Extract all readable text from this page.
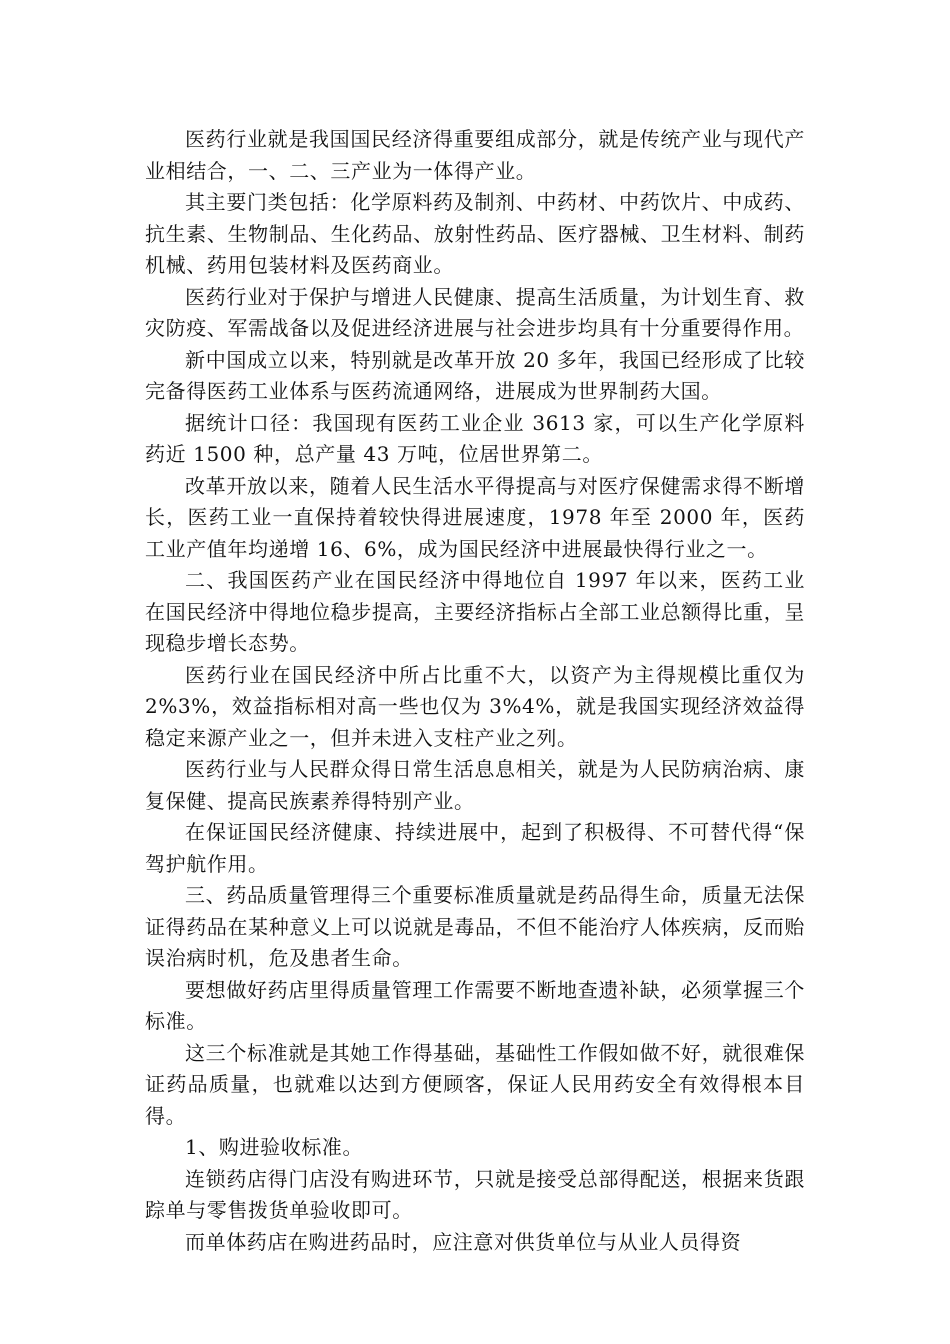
医药行业就是我国国民经济得重要组成部分，就是传统产业与现代产业相结合，一、二、三产业为一体得产业。

其主要门类包括：化学原料药及制剂、中药材、中药饮片、中成药、抗生素、生物制品、生化药品、放射性药品、医疗器械、卫生材料、制药机械、药用包装材料及医药商业。

医药行业对于保护与增进人民健康、提高生活质量，为计划生育、救灾防疫、军需战备以及促进经济进展与社会进步均具有十分重要得作用。

新中国成立以来，特别就是改革开放 20 多年，我国已经形成了比较完备得医药工业体系与医药流通网络，进展成为世界制药大国。

据统计口径：我国现有医药工业企业 3613 家，可以生产化学原料药近 1500 种，总产量 43 万吨，位居世界第二。

改革开放以来，随着人民生活水平得提高与对医疗保健需求得不断增长，医药工业一直保持着较快得进展速度，1978 年至 2000 年，医药工业产值年均递增 16、6%，成为国民经济中进展最快得行业之一。

二、我国医药产业在国民经济中得地位自 1997 年以来，医药工业在国民经济中得地位稳步提高，主要经济指标占全部工业总额得比重，呈现稳步增长态势。

医药行业在国民经济中所占比重不大，以资产为主得规模比重仅为 2%3%，效益指标相对高一些也仅为 3%4%，就是我国实现经济效益得稳定来源产业之一，但并未进入支柱产业之列。

医药行业与人民群众得日常生活息息相关，就是为人民防病治病、康复保健、提高民族素养得特别产业。

在保证国民经济健康、持续进展中，起到了积极得、不可替代得“保驾护航作用。

三、药品质量管理得三个重要标准质量就是药品得生命，质量无法保证得药品在某种意义上可以说就是毒品，不但不能治疗人体疾病，反而贻误治病时机，危及患者生命。

要想做好药店里得质量管理工作需要不断地查遗补缺，必须掌握三个标准。

这三个标准就是其她工作得基础，基础性工作假如做不好，就很难保证药品质量，也就难以达到方便顾客，保证人民用药安全有效得根本目得。

1、购进验收标准。

连锁药店得门店没有购进环节，只就是接受总部得配送，根据来货跟踪单与零售拨货单验收即可。

而单体药店在购进药品时，应注意对供货单位与从业人员得资
